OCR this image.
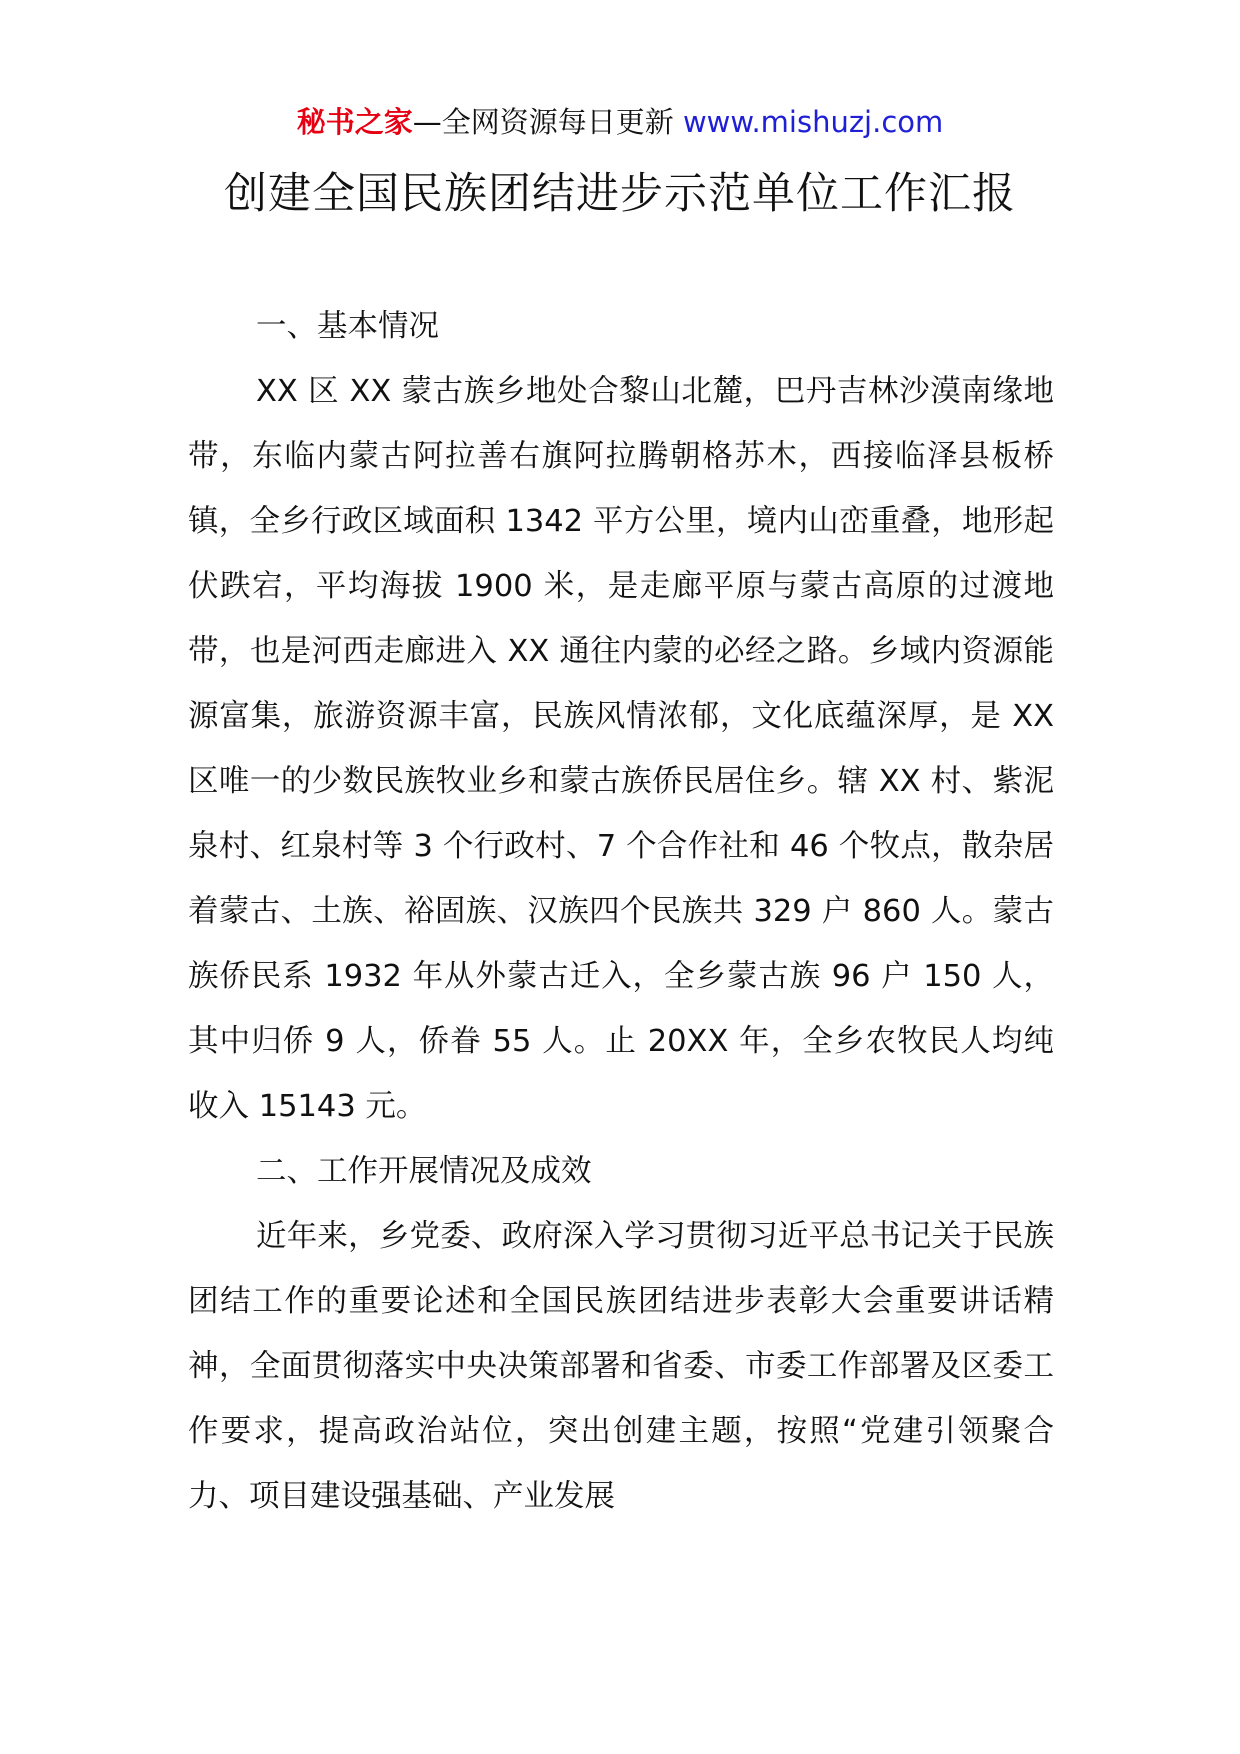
秘书之家—全网资源每日更新 www.mishuzj.com
创建全国民族团结进步示范单位工作汇报

一、基本情况

XX 区 XX 蒙古族乡地处合黎山北麓，巴丹吉林沙漠南缘地带，东临内蒙古阿拉善右旗阿拉腾朝格苏木，西接临泽县板桥镇，全乡行政区域面积 1342 平方公里，境内山峦重叠，地形起伏跌宕，平均海拔 1900 米，是走廊平原与蒙古高原的过渡地带，也是河西走廊进入 XX 通往内蒙的必经之路。乡域内资源能源富集，旅游资源丰富，民族风情浓郁，文化底蕴深厚，是 XX 区唯一的少数民族牧业乡和蒙古族侨民居住乡。辖 XX 村、紫泥泉村、红泉村等 3 个行政村、7 个合作社和 46 个牧点，散杂居着蒙古、土族、裕固族、汉族四个民族共 329 户 860 人。蒙古族侨民系 1932 年从外蒙古迁入，全乡蒙古族 96 户 150 人，其中归侨 9 人，侨眷 55 人。止 20XX 年，全乡农牧民人均纯收入 15143 元。

二、工作开展情况及成效

近年来，乡党委、政府深入学习贯彻习近平总书记关于民族团结工作的重要论述和全国民族团结进步表彰大会重要讲话精神，全面贯彻落实中央决策部署和省委、市委工作部署及区委工作要求，提高政治站位，突出创建主题，按照“党建引领聚合力、项目建设强基础、产业发展
